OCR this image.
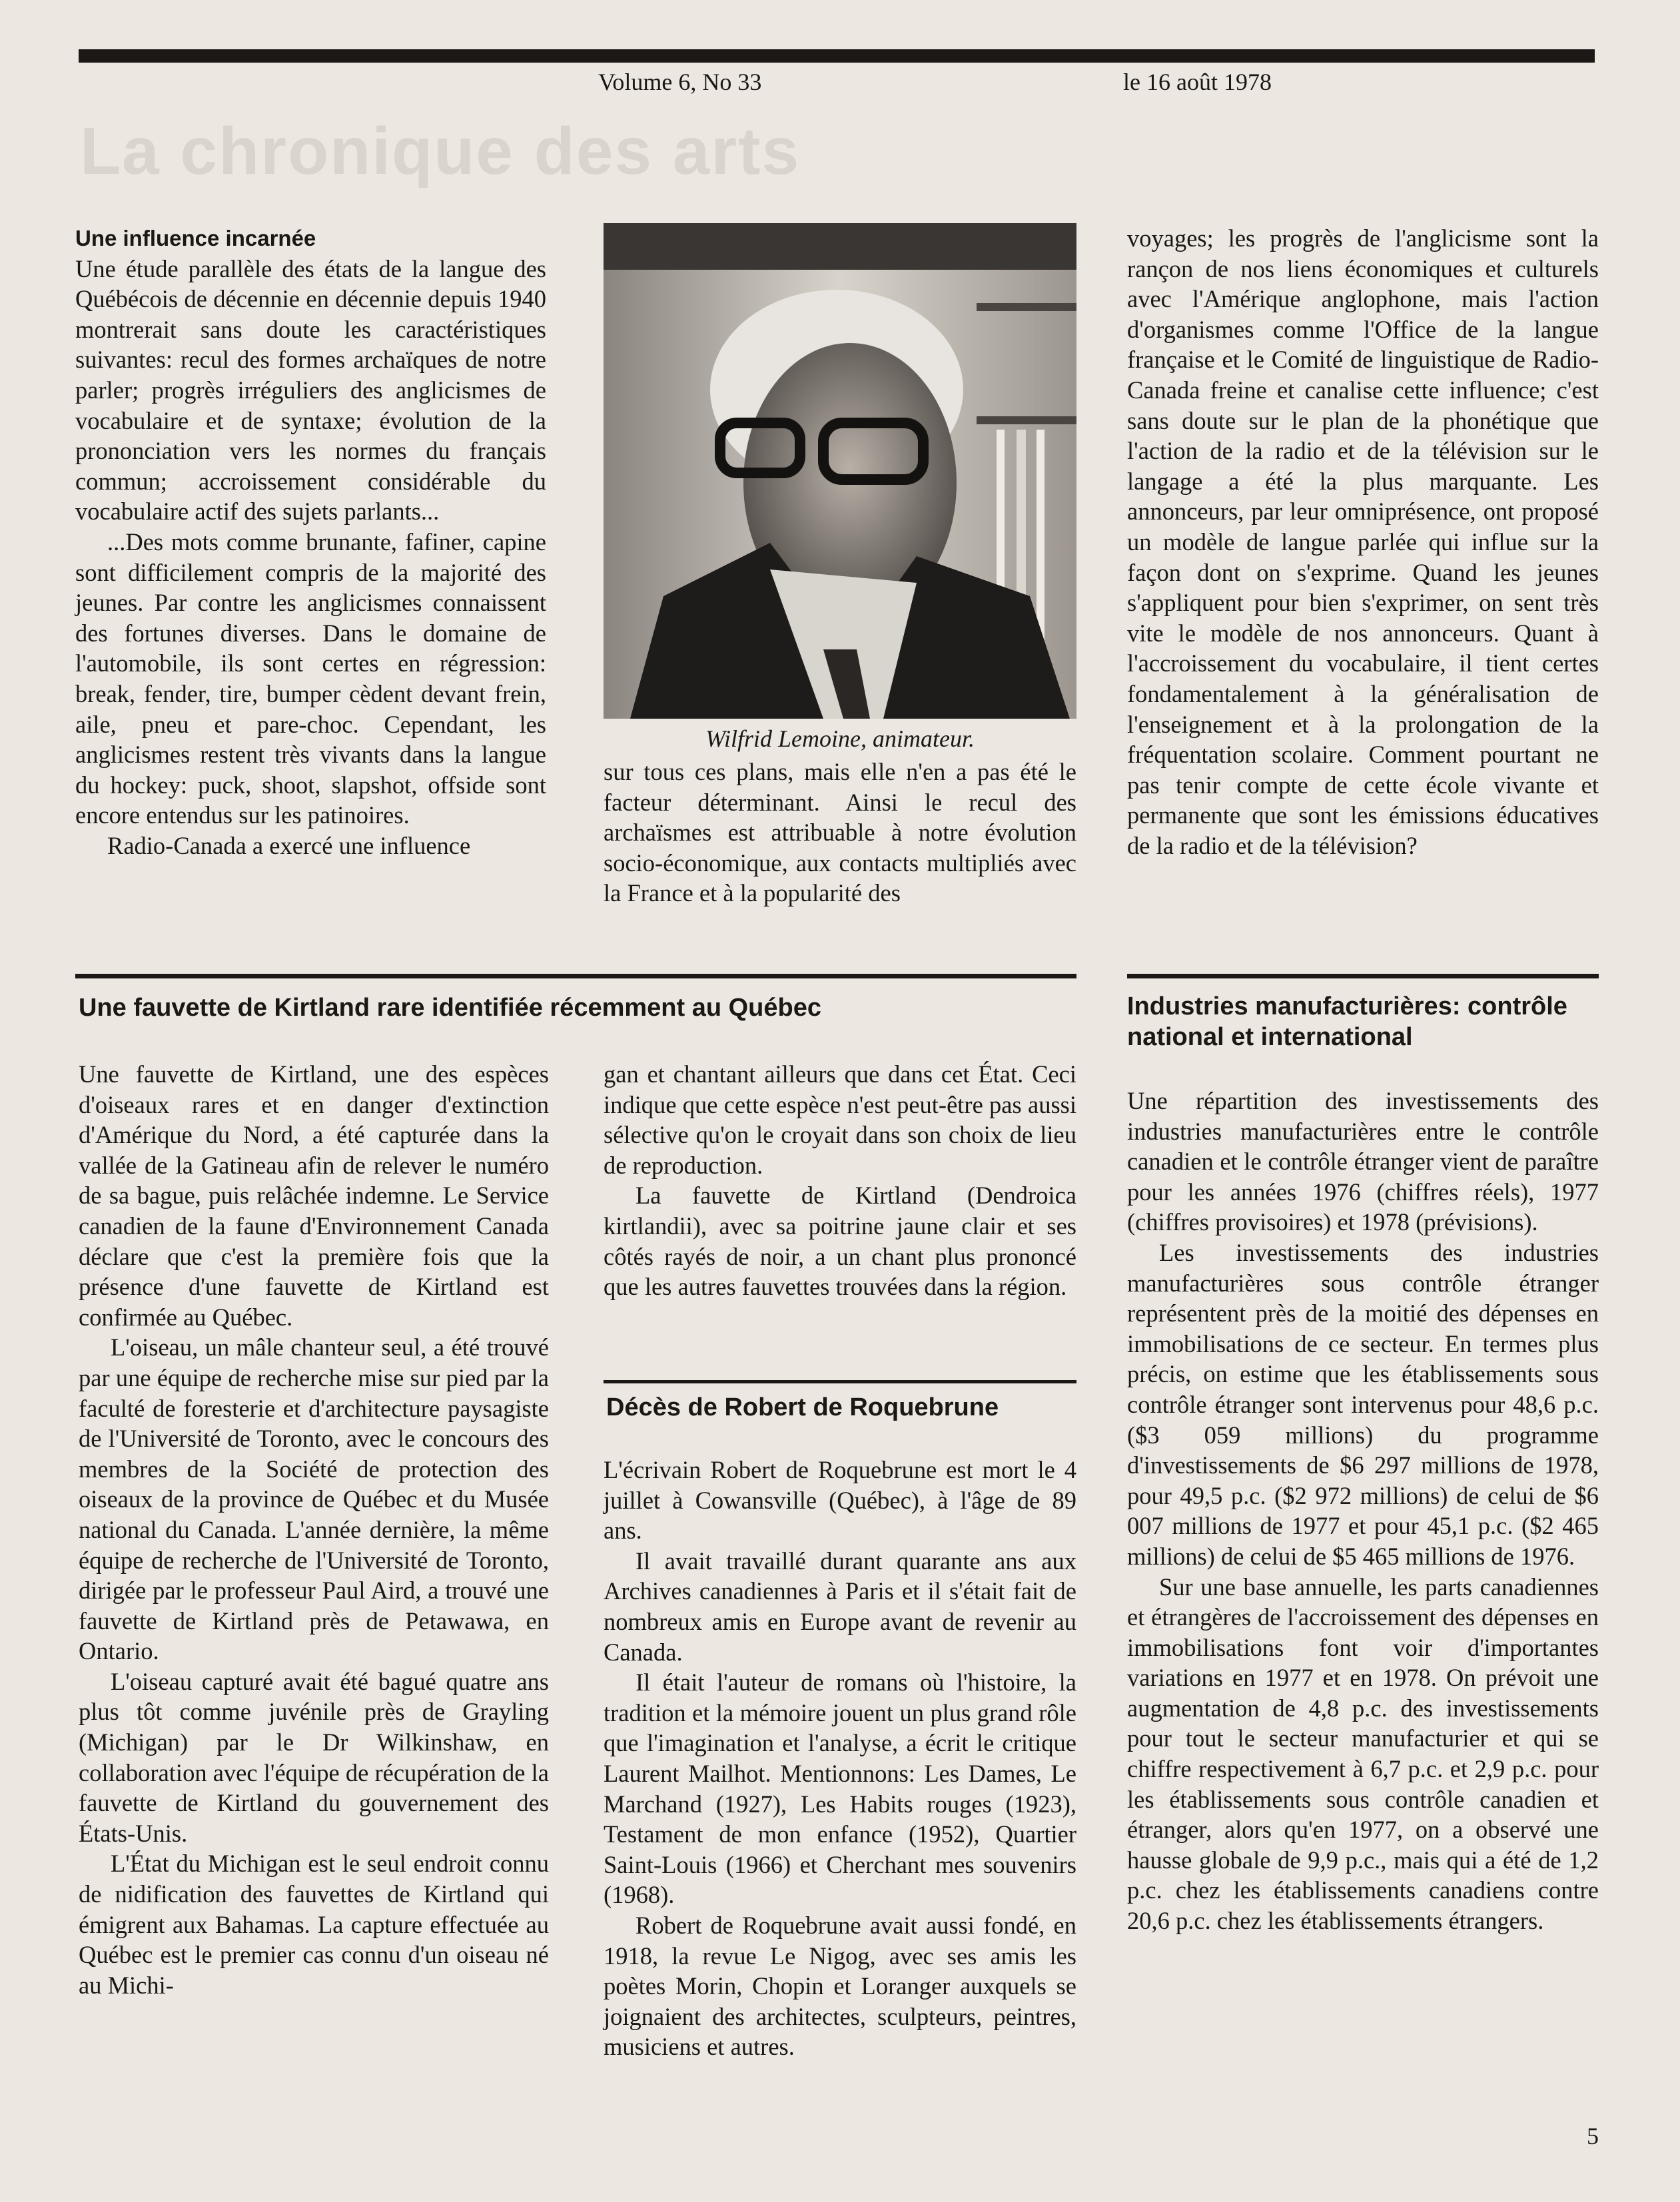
Volume 6, No 33	le 16 août 1978
La chronique des arts
Une influence incarnée

Une étude parallèle des états de la langue des Québécois de décennie en décennie depuis 1940 montrerait sans doute les caractéristiques suivantes: recul des formes archaïques de notre parler; progrès irréguliers des anglicismes de vocabulaire et de syntaxe; évolution de la prononciation vers les normes du français commun; accroissement considérable du vocabulaire actif des sujets parlants...

...Des mots comme brunante, fafiner, capine sont difficilement compris de la majorité des jeunes. Par contre les anglicismes connaissent des fortunes diverses. Dans le domaine de l'automobile, ils sont certes en régression: break, fender, tire, bumper cèdent devant frein, aile, pneu et pare-choc. Cependant, les anglicismes restent très vivants dans la langue du hockey: puck, shoot, slapshot, offside sont encore entendus sur les patinoires.

Radio-Canada a exercé une influence

Wilfrid Lemoine, animateur.

sur tous ces plans, mais elle n'en a pas été le facteur déterminant. Ainsi le recul des archaïsmes est attribuable à notre évolution socio-économique, aux contacts multipliés avec la France et à la popularité des

voyages; les progrès de l'anglicisme sont la rançon de nos liens économiques et culturels avec l'Amérique anglophone, mais l'action d'organismes comme l'Office de la langue française et le Comité de linguistique de Radio-Canada freine et canalise cette influence; c'est sans doute sur le plan de la phonétique que l'action de la radio et de la télévision sur le langage a été la plus marquante. Les annonceurs, par leur omniprésence, ont proposé un modèle de langue parlée qui influe sur la façon dont on s'exprime. Quand les jeunes s'appliquent pour bien s'exprimer, on sent très vite le modèle de nos annonceurs. Quant à l'accroissement du vocabulaire, il tient certes fondamentalement à la généralisation de l'enseignement et à la prolongation de la fréquentation scolaire. Comment pourtant ne pas tenir compte de cette école vivante et permanente que sont les émissions éducatives de la radio et de la télévision?

Une fauvette de Kirtland rare identifiée récemment au Québec

Une fauvette de Kirtland, une des espèces d'oiseaux rares et en danger d'extinction d'Amérique du Nord, a été capturée dans la vallée de la Gatineau afin de relever le numéro de sa bague, puis relâchée indemne. Le Service canadien de la faune d'Environnement Canada déclare que c'est la première fois que la présence d'une fauvette de Kirtland est confirmée au Québec.

L'oiseau, un mâle chanteur seul, a été trouvé par une équipe de recherche mise sur pied par la faculté de foresterie et d'architecture paysagiste de l'Université de Toronto, avec le concours des membres de la Société de protection des oiseaux de la province de Québec et du Musée national du Canada. L'année dernière, la même équipe de recherche de l'Université de Toronto, dirigée par le professeur Paul Aird, a trouvé une fauvette de Kirtland près de Petawawa, en Ontario.

L'oiseau capturé avait été bagué quatre ans plus tôt comme juvénile près de Grayling (Michigan) par le Dr Wilkinshaw, en collaboration avec l'équipe de récupération de la fauvette de Kirtland du gouvernement des États-Unis.

L'État du Michigan est le seul endroit connu de nidification des fauvettes de Kirtland qui émigrent aux Bahamas. La capture effectuée au Québec est le premier cas connu d'un oiseau né au Michi-

gan et chantant ailleurs que dans cet État. Ceci indique que cette espèce n'est peut-être pas aussi sélective qu'on le croyait dans son choix de lieu de reproduction.

La fauvette de Kirtland (Dendroica kirtlandii), avec sa poitrine jaune clair et ses côtés rayés de noir, a un chant plus prononcé que les autres fauvettes trouvées dans la région.

Décès de Robert de Roquebrune

L'écrivain Robert de Roquebrune est mort le 4 juillet à Cowansville (Québec), à l'âge de 89 ans.

Il avait travaillé durant quarante ans aux Archives canadiennes à Paris et il s'était fait de nombreux amis en Europe avant de revenir au Canada.

Il était l'auteur de romans où l'histoire, la tradition et la mémoire jouent un plus grand rôle que l'imagination et l'analyse, a écrit le critique Laurent Mailhot. Mentionnons: Les Dames, Le Marchand (1927), Les Habits rouges (1923), Testament de mon enfance (1952), Quartier Saint-Louis (1966) et Cherchant mes souvenirs (1968).

Robert de Roquebrune avait aussi fondé, en 1918, la revue Le Nigog, avec ses amis les poètes Morin, Chopin et Loranger auxquels se joignaient des architectes, sculpteurs, peintres, musiciens et autres.

Industries manufacturières: contrôle national et international

Une répartition des investissements des industries manufacturières entre le contrôle canadien et le contrôle étranger vient de paraître pour les années 1976 (chiffres réels), 1977 (chiffres provisoires) et 1978 (prévisions).

Les investissements des industries manufacturières sous contrôle étranger représentent près de la moitié des dépenses en immobilisations de ce secteur. En termes plus précis, on estime que les établissements sous contrôle étranger sont intervenus pour 48,6 p.c. ($3 059 millions) du programme d'investissements de $6 297 millions de 1978, pour 49,5 p.c. ($2 972 millions) de celui de $6 007 millions de 1977 et pour 45,1 p.c. ($2 465 millions) de celui de $5 465 millions de 1976.

Sur une base annuelle, les parts canadiennes et étrangères de l'accroissement des dépenses en immobilisations font voir d'importantes variations en 1977 et en 1978. On prévoit une augmentation de 4,8 p.c. des investissements pour tout le secteur manufacturier et qui se chiffre respectivement à 6,7 p.c. et 2,9 p.c. pour les établissements sous contrôle canadien et étranger, alors qu'en 1977, on a observé une hausse globale de 9,9 p.c., mais qui a été de 1,2 p.c. chez les établissements canadiens contre 20,6 p.c. chez les établissements étrangers.

5
